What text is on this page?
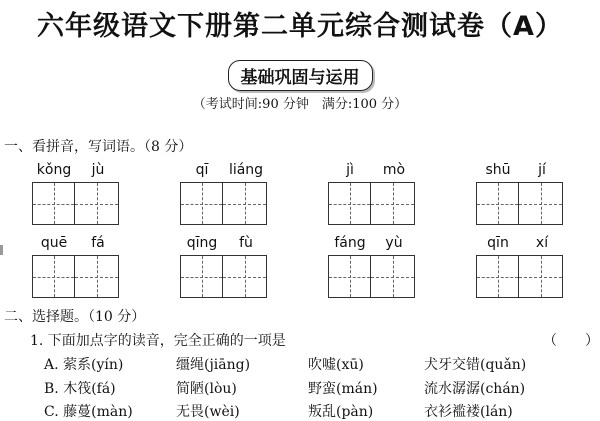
六年级语文下册第二单元综合测试卷（A）
基础巩固与运用
（考试时间:90 分钟　满分:100 分）
一、看拼音，写词语。（8 分）
kǒng	jù	qī	liáng	jì	mò	shū	jí
quē	fá	qīng	fù	fáng	yù	qīn	xí
二、选择题。（10 分）
1. 下面加点字的读音，完全正确的一项是	（　　）
A. 萦系(yín)	缰绳(jiāng)	吹嘘(xū)	犬牙交错(quǎn)
B. 木筏(fá)	简陋(lòu)	野蛮(mán)	流水潺潺(chán)
C. 藤蔓(màn)	无畏(wèi)	叛乱(pàn)	衣衫褴褛(lán)
